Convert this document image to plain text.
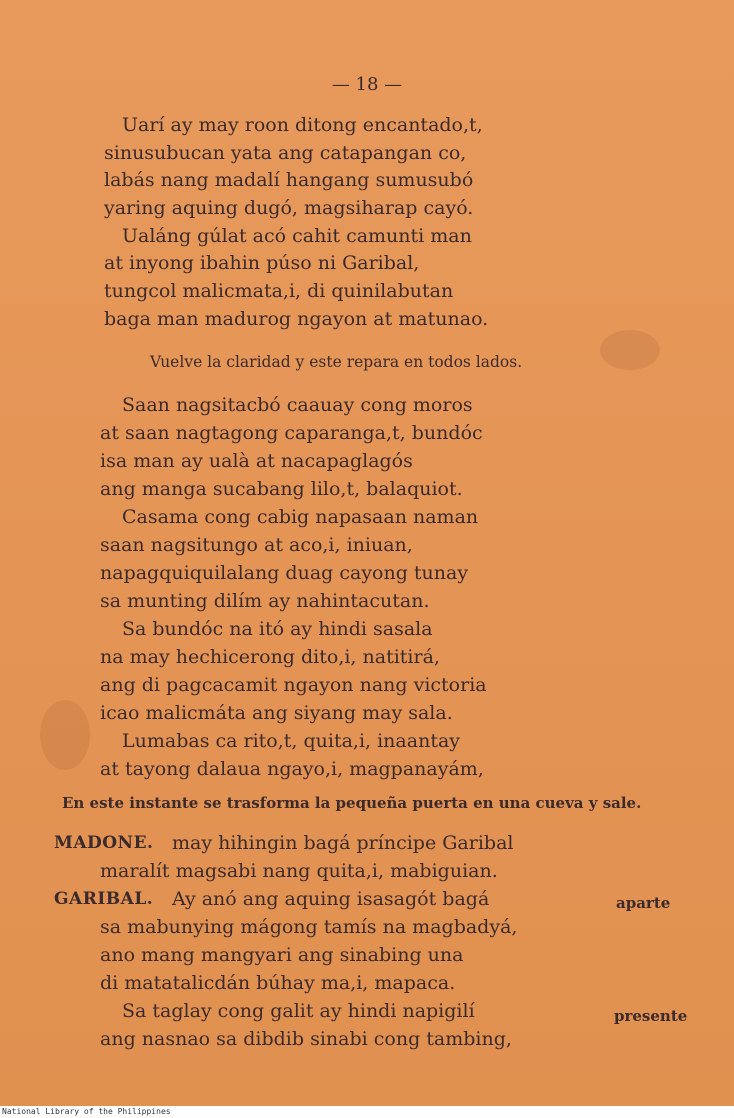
— 18 —
Uarí ay may roon ditong encantado,t,
sinusubucan yata ang catapangan co,
labás nang madalí hangang sumusubó
yaring aquing dugó, magsiharap cayó.
Ualáng gúlat acó cahit camunti man
at inyong ibahin púso ni Garibal,
tungcol malicmata,i, di quinilabutan
baga man madurog ngayon at matunao.
Vuelve la claridad y este repara en todos lados.
Saan nagsitacbó caauay cong moros
at saan nagtagong caparanga,t, bundóc
isa man ay ualà at nacapaglagós
ang manga sucabang lilo,t, balaquiot.
Casama cong cabig napasaan naman
saan nagsitungo at aco,i, iniuan,
napagquiquilalang duag cayong tunay
sa munting dilím ay nahintacutan.
Sa bundóc na itó ay hindi sasala
na may hechicerong dito,i, natitirá,
ang di pagcacamit ngayon nang victoria
icao malicmáta ang siyang may sala.
Lumabas ca rito,t, quita,i, inaantay
at tayong dalaua ngayo,i, magpanayám,
En este instante se trasforma la pequeña puerta en una cueva y sale.
MADONE. may hihingin bagá príncipe Garibal
maralít magsabi nang quita,i, mabiguian.
GARIBAL. Ay anó ang aquing isasagót bagá
sa mabunying mágong tamís na magbadyá,
ano mang mangyari ang sinabing una
di matatalicdán búhay ma,i, mapaca.
Sa taglay cong galit ay hindi napigilí
ang nasnao sa dibdib sinabi cong tambing,
aparte
presente
National Library of the Philippines
